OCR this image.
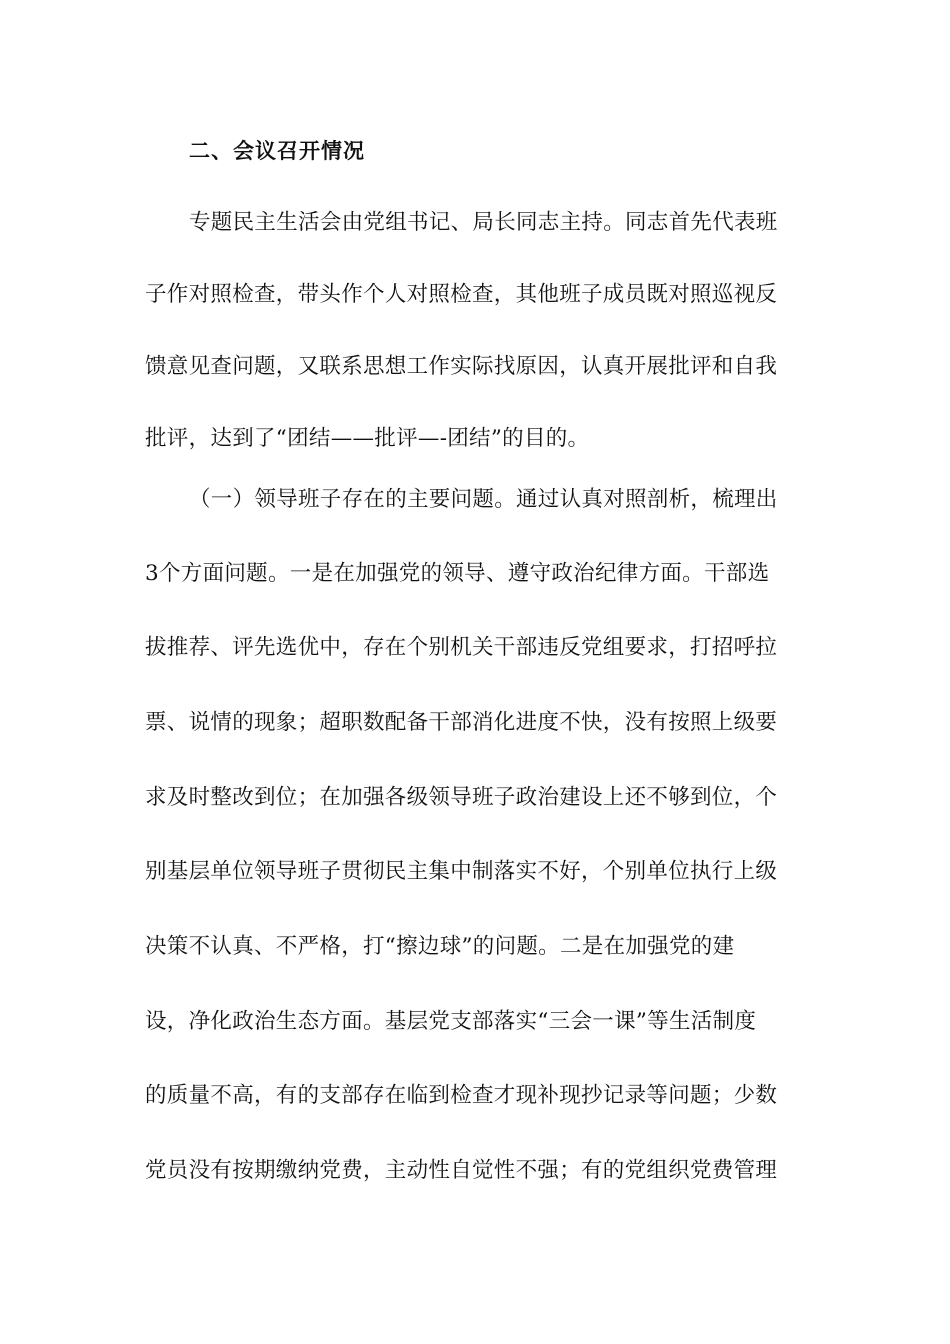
二、会议召开情况
专题民主生活会由党组书记、局长同志主持。同志首先代表班
子作对照检查，带头作个人对照检查，其他班子成员既对照巡视反
馈意见查问题，又联系思想工作实际找原因，认真开展批评和自我
批评，达到了“团结——批评—-团结”的目的。
（一）领导班子存在的主要问题。通过认真对照剖析，梳理出
3个方面问题。一是在加强党的领导、遵守政治纪律方面。干部选
拔推荐、评先选优中，存在个别机关干部违反党组要求，打招呼拉
票、说情的现象；超职数配备干部消化进度不快，没有按照上级要
求及时整改到位；在加强各级领导班子政治建设上还不够到位，个
别基层单位领导班子贯彻民主集中制落实不好，个别单位执行上级
决策不认真、不严格，打“擦边球”的问题。二是在加强党的建
设，净化政治生态方面。基层党支部落实“三会一课”等生活制度
的质量不高，有的支部存在临到检查才现补现抄记录等问题；少数
党员没有按期缴纳党费，主动性自觉性不强；有的党组织党费管理
